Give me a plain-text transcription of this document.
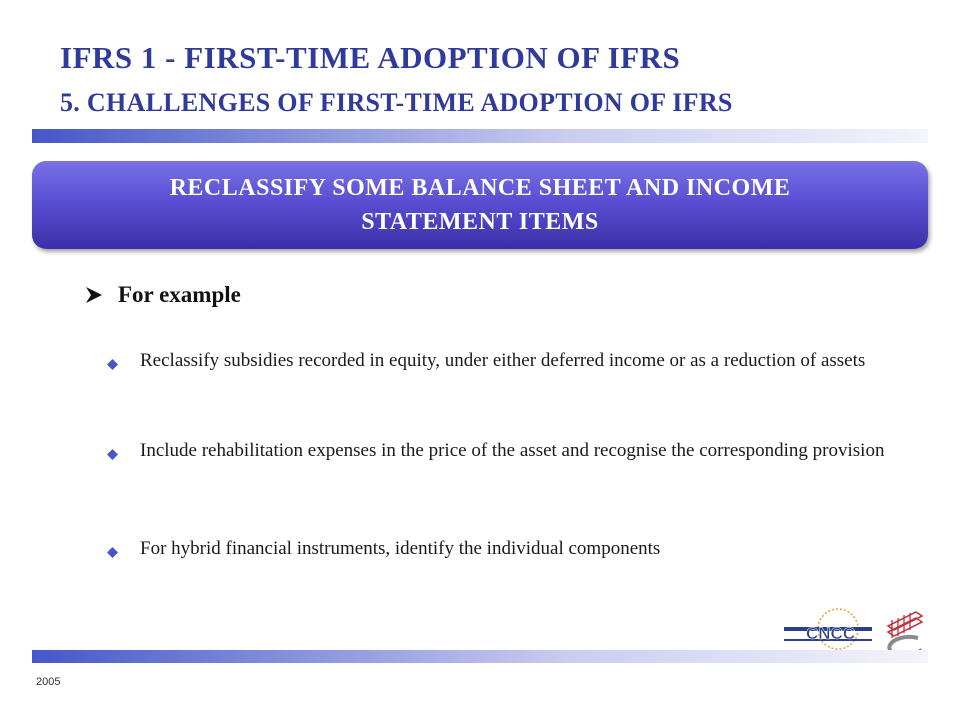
IFRS 1 - FIRST-TIME ADOPTION OF IFRS
5. CHALLENGES OF FIRST-TIME ADOPTION OF IFRS
RECLASSIFY SOME BALANCE SHEET AND INCOME
STATEMENT ITEMS
For example
Reclassify subsidies recorded in equity, under either deferred income or as a reduction of assets
Include rehabilitation expenses in the price of the asset and recognise the corresponding provision
For hybrid financial instruments, identify the individual components
CNCC
2005
